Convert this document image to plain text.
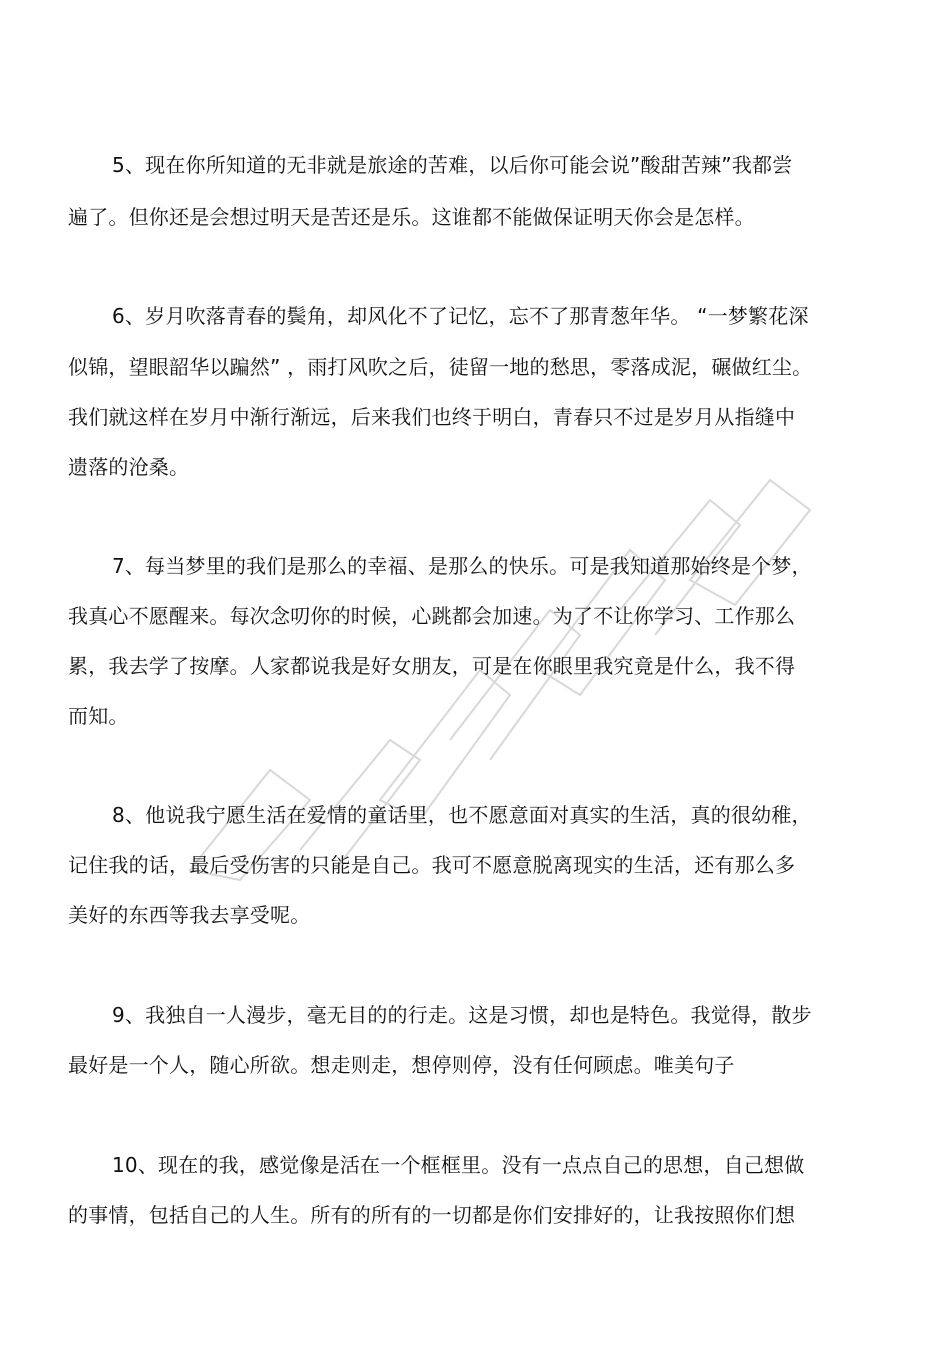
5、现在你所知道的无非就是旅途的苦难，以后你可能会说”酸甜苦辣”我都尝
遍了。但你还是会想过明天是苦还是乐。这谁都不能做保证明天你会是怎样。
6、岁月吹落青春的鬓角，却风化不了记忆，忘不了那青葱年华。 “一梦繁花深
似锦，望眼韶华以蹁然” ，雨打风吹之后，徒留一地的愁思，零落成泥，碾做红尘。
我们就这样在岁月中渐行渐远，后来我们也终于明白，青春只不过是岁月从指缝中
遗落的沧桑。
7、每当梦里的我们是那么的幸福、是那么的快乐。可是我知道那始终是个梦，
我真心不愿醒来。每次念叨你的时候，心跳都会加速。为了不让你学习、工作那么
累，我去学了按摩。人家都说我是好女朋友，可是在你眼里我究竟是什么，我不得
而知。
8、他说我宁愿生活在爱情的童话里，也不愿意面对真实的生活，真的很幼稚，
记住我的话，最后受伤害的只能是自己。我可不愿意脱离现实的生活，还有那么多
美好的东西等我去享受呢。
9、我独自一人漫步，毫无目的的行走。这是习惯，却也是特色。我觉得，散步
最好是一个人，随心所欲。想走则走，想停则停，没有任何顾虑。唯美句子
10、现在的我，感觉像是活在一个框框里。没有一点点自己的思想，自己想做
的事情，包括自己的人生。所有的所有的一切都是你们安排好的，让我按照你们想
